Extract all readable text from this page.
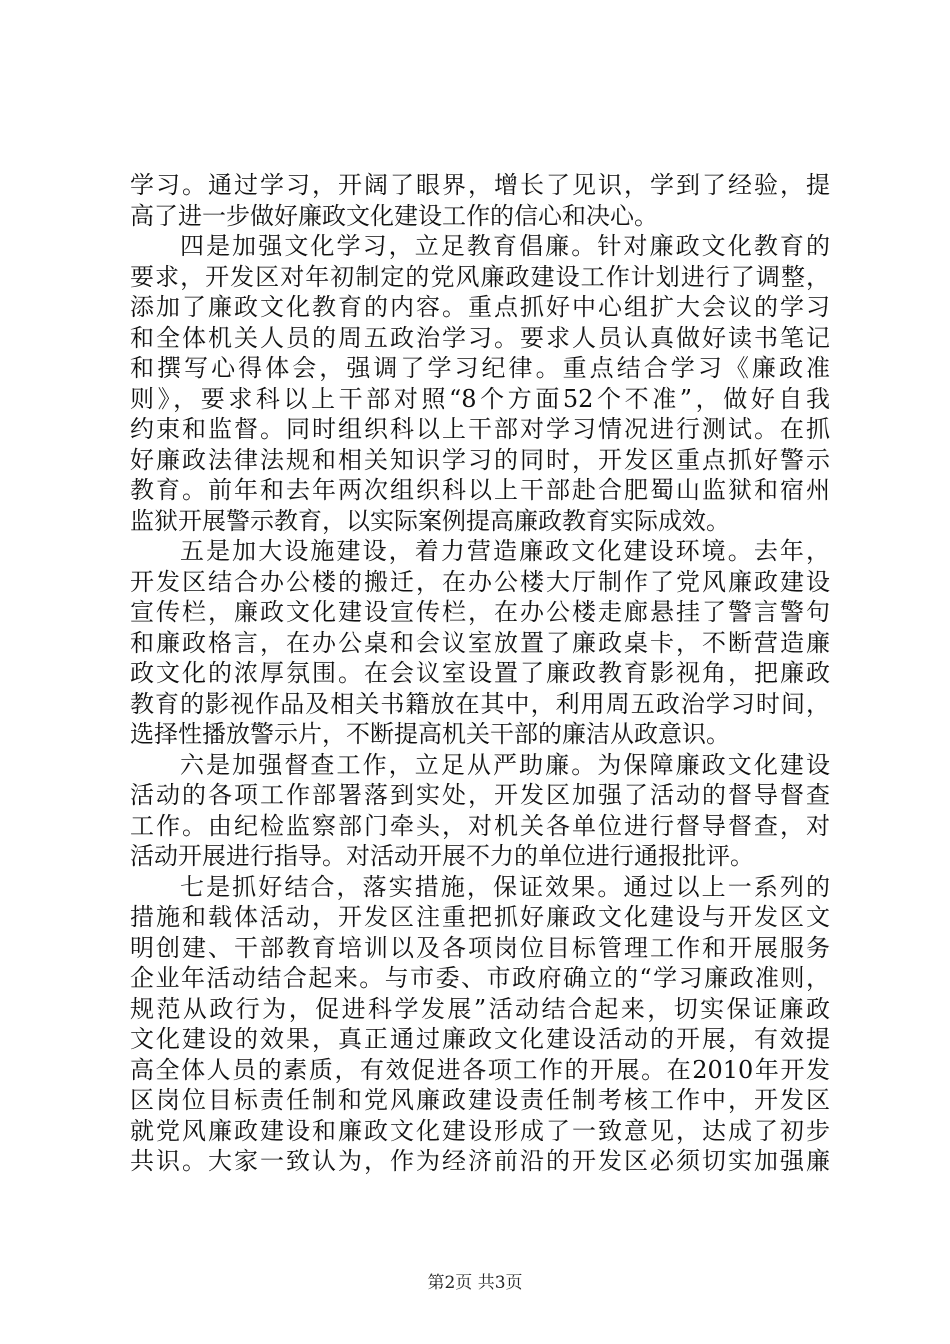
学习。通过学习，开阔了眼界，增长了见识，学到了经验，提
高了进一步做好廉政文化建设工作的信心和决心。
四是加强文化学习，立足教育倡廉。针对廉政文化教育的
要求，开发区对年初制定的党风廉政建设工作计划进行了调整，
添加了廉政文化教育的内容。重点抓好中心组扩大会议的学习
和全体机关人员的周五政治学习。要求人员认真做好读书笔记
和撰写心得体会，强调了学习纪律。重点结合学习《廉政准
则》，要求科以上干部对照“8个方面52个不准”，做好自我
约束和监督。同时组织科以上干部对学习情况进行测试。在抓
好廉政法律法规和相关知识学习的同时，开发区重点抓好警示
教育。前年和去年两次组织科以上干部赴合肥蜀山监狱和宿州
监狱开展警示教育，以实际案例提高廉政教育实际成效。
五是加大设施建设，着力营造廉政文化建设环境。去年，
开发区结合办公楼的搬迁，在办公楼大厅制作了党风廉政建设
宣传栏，廉政文化建设宣传栏，在办公楼走廊悬挂了警言警句
和廉政格言，在办公桌和会议室放置了廉政桌卡，不断营造廉
政文化的浓厚氛围。在会议室设置了廉政教育影视角，把廉政
教育的影视作品及相关书籍放在其中，利用周五政治学习时间，
选择性播放警示片，不断提高机关干部的廉洁从政意识。
六是加强督查工作，立足从严助廉。为保障廉政文化建设
活动的各项工作部署落到实处，开发区加强了活动的督导督查
工作。由纪检监察部门牵头，对机关各单位进行督导督查，对
活动开展进行指导。对活动开展不力的单位进行通报批评。
七是抓好结合，落实措施，保证效果。通过以上一系列的
措施和载体活动，开发区注重把抓好廉政文化建设与开发区文
明创建、干部教育培训以及各项岗位目标管理工作和开展服务
企业年活动结合起来。与市委、市政府确立的“学习廉政准则，
规范从政行为，促进科学发展”活动结合起来，切实保证廉政
文化建设的效果，真正通过廉政文化建设活动的开展，有效提
高全体人员的素质，有效促进各项工作的开展。在2010年开发
区岗位目标责任制和党风廉政建设责任制考核工作中，开发区
就党风廉政建设和廉政文化建设形成了一致意见，达成了初步
共识。大家一致认为，作为经济前沿的开发区必须切实加强廉
第2页 共3页
